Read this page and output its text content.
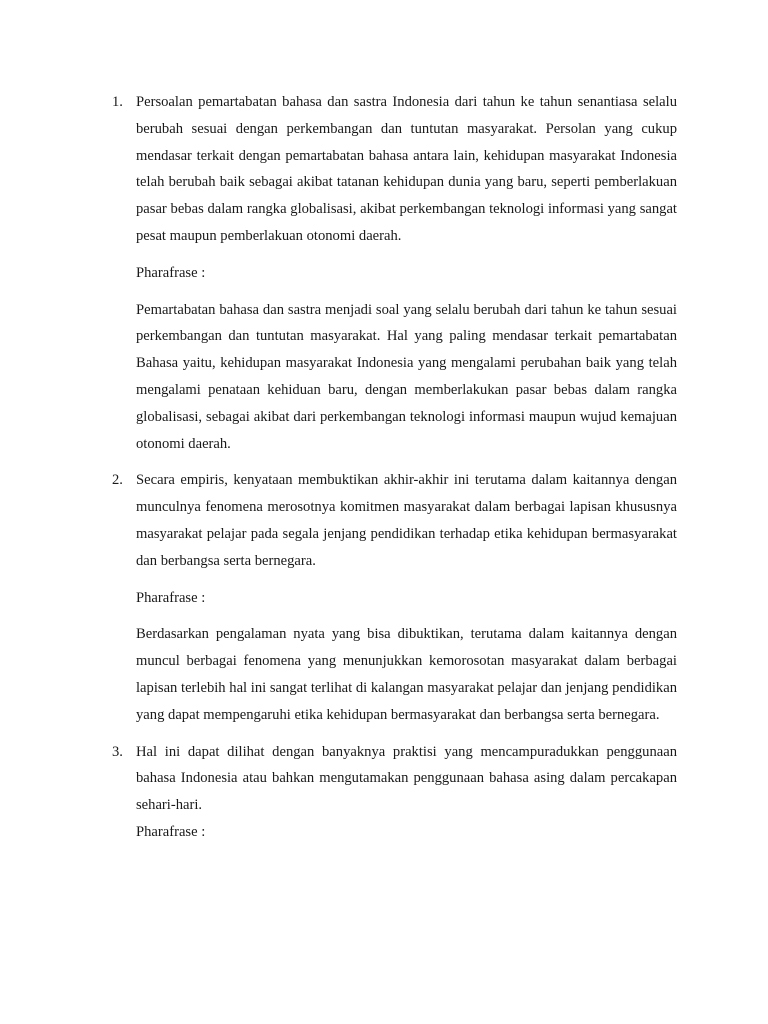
1. Persoalan pemartabatan bahasa dan sastra Indonesia dari tahun ke tahun senantiasa selalu berubah sesuai dengan perkembangan dan tuntutan masyarakat. Persolan yang cukup mendasar terkait dengan pemartabatan bahasa antara lain, kehidupan masyarakat Indonesia telah berubah baik sebagai akibat tatanan kehidupan dunia yang baru, seperti pemberlakuan pasar bebas dalam rangka globalisasi, akibat perkembangan teknologi informasi yang sangat pesat maupun pemberlakuan otonomi daerah.

Pharafrase :

Pemartabatan bahasa dan sastra menjadi soal yang selalu berubah dari tahun ke tahun sesuai perkembangan dan tuntutan masyarakat. Hal yang paling mendasar terkait pemartabatan Bahasa yaitu, kehidupan masyarakat Indonesia yang mengalami perubahan baik yang telah mengalami penataan kehiduan baru, dengan memberlakukan pasar bebas dalam rangka globalisasi, sebagai akibat dari perkembangan teknologi informasi maupun wujud kemajuan otonomi daerah.

2. Secara empiris, kenyataan membuktikan akhir-akhir ini terutama dalam kaitannya dengan munculnya fenomena merosotnya komitmen masyarakat dalam berbagai lapisan khususnya masyarakat pelajar pada segala jenjang pendidikan terhadap etika kehidupan bermasyarakat dan berbangsa serta bernegara.

Pharafrase :

Berdasarkan pengalaman nyata yang bisa dibuktikan, terutama dalam kaitannya dengan muncul berbagai fenomena yang menunjukkan kemorosotan masyarakat dalam berbagai lapisan terlebih hal ini sangat terlihat di kalangan masyarakat pelajar dan jenjang pendidikan yang dapat mempengaruhi etika kehidupan bermasyarakat dan berbangsa serta bernegara.

3. Hal ini dapat dilihat dengan banyaknya praktisi yang mencampuradukkan penggunaan bahasa Indonesia atau bahkan mengutamakan penggunaan bahasa asing dalam percakapan sehari-hari.

Pharafrase :
